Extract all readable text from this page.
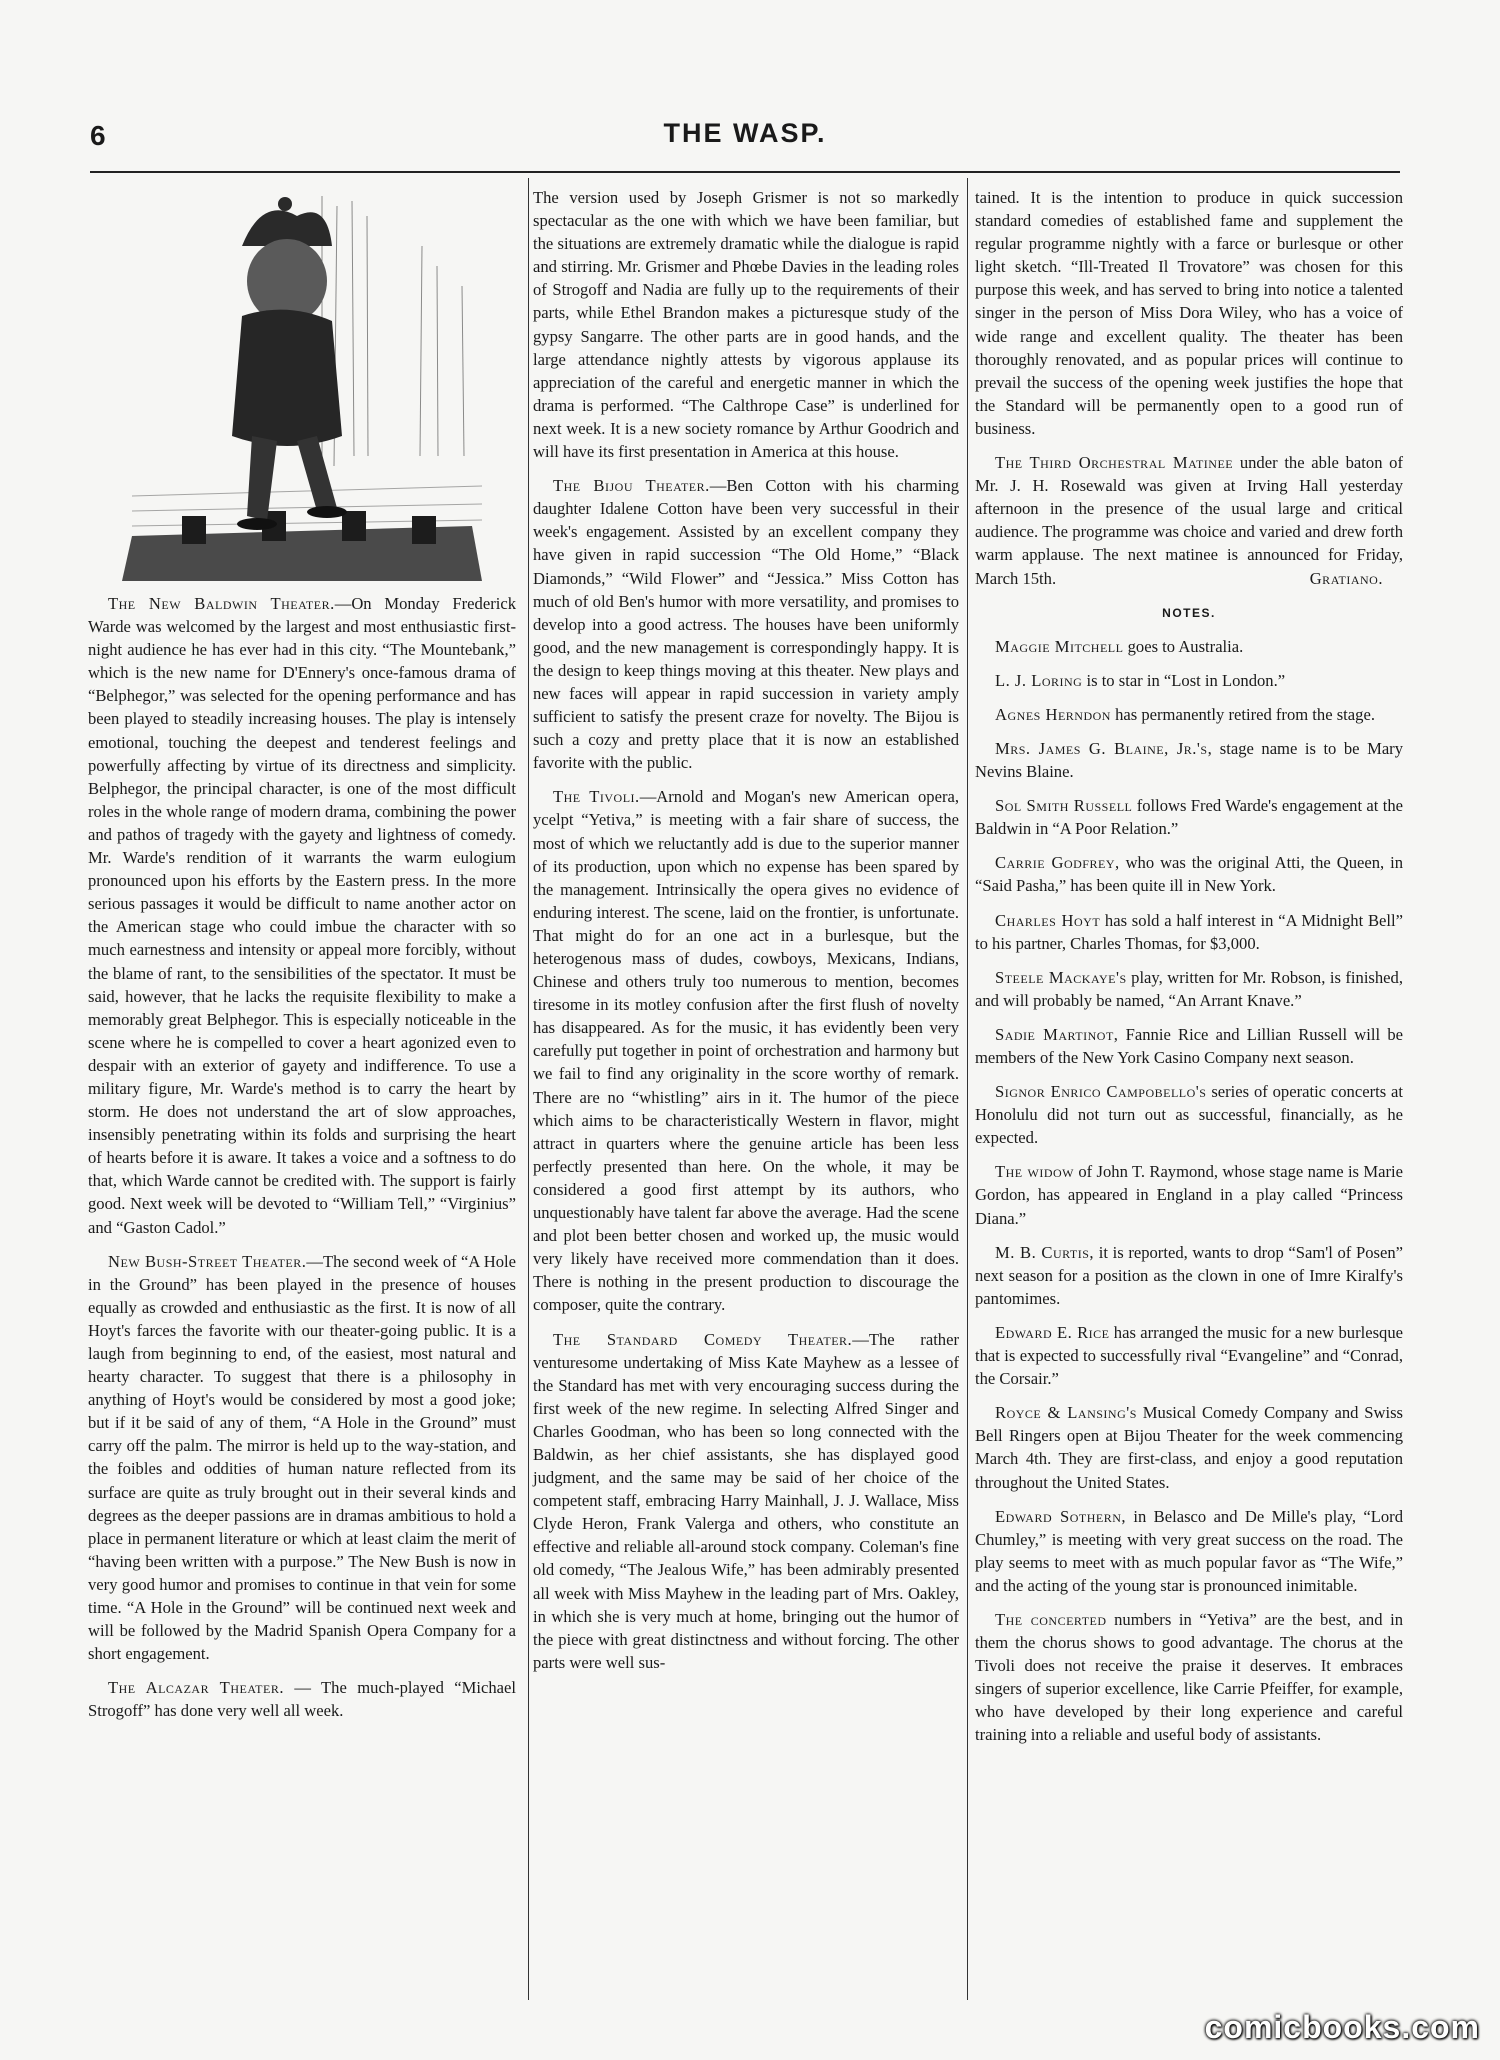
6	THE WASP.

The New Baldwin Theater.—On Monday Frederick Warde was welcomed by the largest and most enthusiastic first-night audience he has ever had in this city. “The Mountebank,” which is the new name for D'Ennery's once-famous drama of “Belphegor,” was selected for the opening performance and has been played to steadily increasing houses. The play is intensely emotional, touching the deepest and tenderest feelings and powerfully affecting by virtue of its directness and simplicity. Belphegor, the principal character, is one of the most difficult roles in the whole range of modern drama, combining the power and pathos of tragedy with the gayety and lightness of comedy. Mr. Warde's rendition of it warrants the warm eulogium pronounced upon his efforts by the Eastern press. In the more serious passages it would be difficult to name another actor on the American stage who could imbue the character with so much earnestness and intensity or appeal more forcibly, without the blame of rant, to the sensibilities of the spectator. It must be said, however, that he lacks the requisite flexibility to make a memorably great Belphegor. This is especially noticeable in the scene where he is compelled to cover a heart agonized even to despair with an exterior of gayety and indifference. To use a military figure, Mr. Warde's method is to carry the heart by storm. He does not understand the art of slow approaches, insensibly penetrating within its folds and surprising the heart of hearts before it is aware. It takes a voice and a softness to do that, which Warde cannot be credited with. The support is fairly good. Next week will be devoted to “William Tell,” “Virginius” and “Gaston Cadol.”

New Bush-Street Theater.—The second week of “A Hole in the Ground” has been played in the presence of houses equally as crowded and enthusiastic as the first. It is now of all Hoyt's farces the favorite with our theater-going public. It is a laugh from beginning to end, of the easiest, most natural and hearty character. To suggest that there is a philosophy in anything of Hoyt's would be considered by most a good joke; but if it be said of any of them, “A Hole in the Ground” must carry off the palm. The mirror is held up to the way-station, and the foibles and oddities of human nature reflected from its surface are quite as truly brought out in their several kinds and degrees as the deeper passions are in dramas ambitious to hold a place in permanent literature or which at least claim the merit of “having been written with a purpose.” The New Bush is now in very good humor and promises to continue in that vein for some time. “A Hole in the Ground” will be continued next week and will be followed by the Madrid Spanish Opera Company for a short engagement.

The Alcazar Theater. — The much-played “Michael Strogoff” has done very well all week.

The version used by Joseph Grismer is not so markedly spectacular as the one with which we have been familiar, but the situations are extremely dramatic while the dialogue is rapid and stirring. Mr. Grismer and Phœbe Davies in the leading roles of Strogoff and Nadia are fully up to the requirements of their parts, while Ethel Brandon makes a picturesque study of the gypsy Sangarre. The other parts are in good hands, and the large attendance nightly attests by vigorous applause its appreciation of the careful and energetic manner in which the drama is performed. “The Calthrope Case” is underlined for next week. It is a new society romance by Arthur Goodrich and will have its first presentation in America at this house.

The Bijou Theater.—Ben Cotton with his charming daughter Idalene Cotton have been very successful in their week's engagement. Assisted by an excellent company they have given in rapid succession “The Old Home,” “Black Diamonds,” “Wild Flower” and “Jessica.” Miss Cotton has much of old Ben's humor with more versatility, and promises to develop into a good actress. The houses have been uniformly good, and the new management is correspondingly happy. It is the design to keep things moving at this theater. New plays and new faces will appear in rapid succession in variety amply sufficient to satisfy the present craze for novelty. The Bijou is such a cozy and pretty place that it is now an established favorite with the public.

The Tivoli.—Arnold and Mogan's new American opera, ycelpt “Yetiva,” is meeting with a fair share of success, the most of which we reluctantly add is due to the superior manner of its production, upon which no expense has been spared by the management. Intrinsically the opera gives no evidence of enduring interest. The scene, laid on the frontier, is unfortunate. That might do for an one act in a burlesque, but the heterogenous mass of dudes, cowboys, Mexicans, Indians, Chinese and others truly too numerous to mention, becomes tiresome in its motley confusion after the first flush of novelty has disappeared. As for the music, it has evidently been very carefully put together in point of orchestration and harmony but we fail to find any originality in the score worthy of remark. There are no “whistling” airs in it. The humor of the piece which aims to be characteristically Western in flavor, might attract in quarters where the genuine article has been less perfectly presented than here. On the whole, it may be considered a good first attempt by its authors, who unquestionably have talent far above the average. Had the scene and plot been better chosen and worked up, the music would very likely have received more commendation than it does. There is nothing in the present production to discourage the composer, quite the contrary.

The Standard Comedy Theater.—The rather venturesome undertaking of Miss Kate Mayhew as a lessee of the Standard has met with very encouraging success during the first week of the new regime. In selecting Alfred Singer and Charles Goodman, who has been so long connected with the Baldwin, as her chief assistants, she has displayed good judgment, and the same may be said of her choice of the competent staff, embracing Harry Mainhall, J. J. Wallace, Miss Clyde Heron, Frank Valerga and others, who constitute an effective and reliable all-around stock company. Coleman's fine old comedy, “The Jealous Wife,” has been admirably presented all week with Miss Mayhew in the leading part of Mrs. Oakley, in which she is very much at home, bringing out the humor of the piece with great distinctness and without forcing. The other parts were well sus-

tained. It is the intention to produce in quick succession standard comedies of established fame and supplement the regular programme nightly with a farce or burlesque or other light sketch. “Ill-Treated Il Trovatore” was chosen for this purpose this week, and has served to bring into notice a talented singer in the person of Miss Dora Wiley, who has a voice of wide range and excellent quality. The theater has been thoroughly renovated, and as popular prices will continue to prevail the success of the opening week justifies the hope that the Standard will be permanently open to a good run of business.

The Third Orchestral Matinee under the able baton of Mr. J. H. Rosewald was given at Irving Hall yesterday afternoon in the presence of the usual large and critical audience. The programme was choice and varied and drew forth warm applause. The next matinee is announced for Friday, March 15th.	Gratiano.

NOTES.

Maggie Mitchell goes to Australia.

L. J. Loring is to star in “Lost in London.”

Agnes Herndon has permanently retired from the stage.

Mrs. James G. Blaine, Jr.'s, stage name is to be Mary Nevins Blaine.

Sol Smith Russell follows Fred Warde's engagement at the Baldwin in “A Poor Relation.”

Carrie Godfrey, who was the original Atti, the Queen, in “Said Pasha,” has been quite ill in New York.

Charles Hoyt has sold a half interest in “A Midnight Bell” to his partner, Charles Thomas, for $3,000.

Steele Mackaye's play, written for Mr. Robson, is finished, and will probably be named, “An Arrant Knave.”

Sadie Martinot, Fannie Rice and Lillian Russell will be members of the New York Casino Company next season.

Signor Enrico Campobello's series of operatic concerts at Honolulu did not turn out as successful, financially, as he expected.

The widow of John T. Raymond, whose stage name is Marie Gordon, has appeared in England in a play called “Princess Diana.”

M. B. Curtis, it is reported, wants to drop “Sam'l of Posen” next season for a position as the clown in one of Imre Kiralfy's pantomimes.

Edward E. Rice has arranged the music for a new burlesque that is expected to successfully rival “Evangeline” and “Conrad, the Corsair.”

Royce & Lansing's Musical Comedy Company and Swiss Bell Ringers open at Bijou Theater for the week commencing March 4th. They are first-class, and enjoy a good reputation throughout the United States.

Edward Sothern, in Belasco and De Mille's play, “Lord Chumley,” is meeting with very great success on the road. The play seems to meet with as much popular favor as “The Wife,” and the acting of the young star is pronounced inimitable.

The concerted numbers in “Yetiva” are the best, and in them the chorus shows to good advantage. The chorus at the Tivoli does not receive the praise it deserves. It embraces singers of superior excellence, like Carrie Pfeiffer, for example, who have developed by their long experience and careful training into a reliable and useful body of assistants.

comicbooks.com
